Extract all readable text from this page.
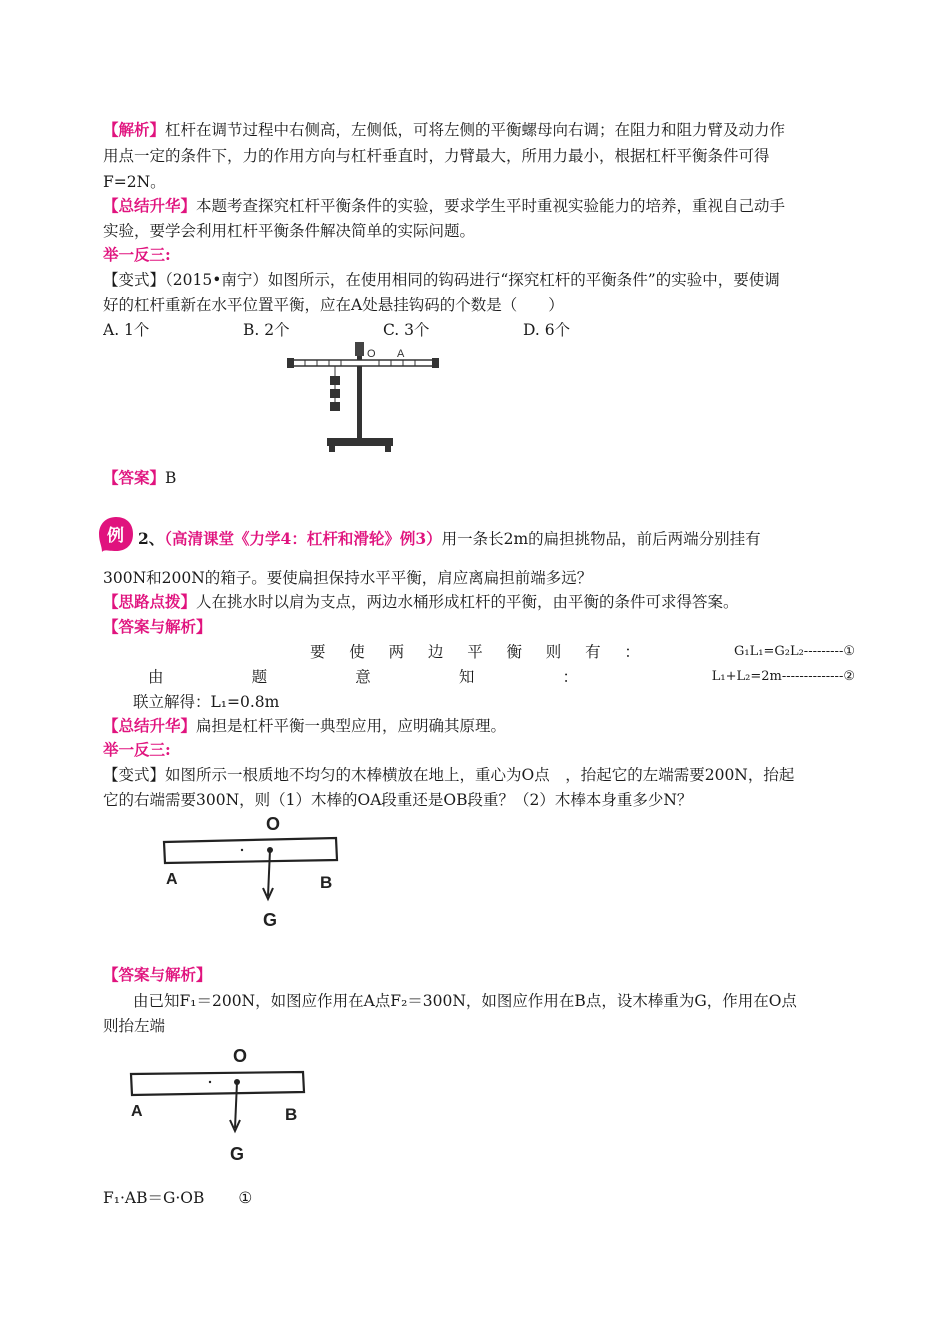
【解析】杠杆在调节过程中右侧高，左侧低，可将左侧的平衡螺母向右调；在阻力和阻力臂及动力作
用点一定的条件下，力的作用方向与杠杆垂直时，力臂最大，所用力最小，根据杠杆平衡条件可得
F=2N。
【总结升华】本题考查探究杠杆平衡条件的实验，要求学生平时重视实验能力的培养，重视自己动手
实验，要学会利用杠杆平衡条件解决简单的实际问题。
举一反三:
【变式】（2015•南宁）如图所示，在使用相同的钩码进行“探究杠杆的平衡条件”的实验中，要使调
好的杠杆重新在水平位置平衡，应在A处悬挂钩码的个数是（　　）
A. 1个	B. 2个	C. 3个	D. 6个
O A
【答案】B
例 2、（高清课堂《力学4：杠杆和滑轮》例3）用一条长2m的扁担挑物品，前后两端分别挂有
300N和200N的箱子。要使扁担保持水平平衡，肩应离扁担前端多远？
【思路点拨】人在挑水时以肩为支点，两边水桶形成杠杆的平衡，由平衡的条件可求得答案。
【答案与解析】
要 使 两 边 平 衡 则 有 ：	G₁L₁=G₂L₂---------①
由	题	意	知	：	L₁+L₂=2m--------------②
联立解得：L₁=0.8m
【总结升华】扁担是杠杆平衡一典型应用，应明确其原理。
举一反三:
【变式】如图所示一根质地不均匀的木棒横放在地上，重心为O点　，抬起它的左端需要200N，抬起
它的右端需要300N，则（1）木棒的OA段重还是OB段重？（2）木棒本身重多少N？
O
A	B
G
【答案与解析】
由已知F₁＝200N，如图应作用在A点F₂＝300N，如图应作用在B点，设木棒重为G，作用在O点
则抬左端
O
A	B
G
F₁·AB＝G·OB ①
